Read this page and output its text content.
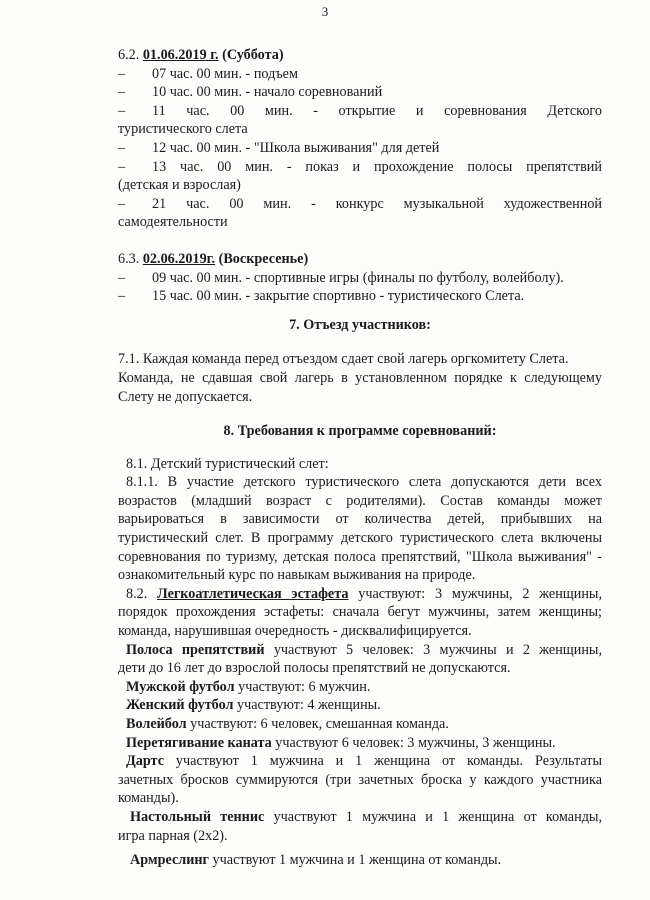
3
6.2. 01.06.2019 г. (Суббота)
–	07 час. 00 мин. - подъем
–	10 час. 00 мин. - начало соревнований
–	11 час. 00 мин. - открытие и соревнования Детского
туристического слета
–	12 час. 00 мин. - "Школа выживания" для детей
–	13 час. 00 мин. - показ и прохождение полосы препятствий
(детская и взрослая)
–	21 час. 00 мин. - конкурс музыкальной художественной
самодеятельности
6.3. 02.06.2019г. (Воскресенье)
–	09 час. 00 мин. - спортивные игры (финалы по футболу, волейболу).
–	15 час. 00 мин. - закрытие спортивно - туристического Слета.
7. Отъезд участников:
7.1. Каждая команда перед отъездом сдает свой лагерь оргкомитету Слета.
Команда, не сдавшая свой лагерь в установленном порядке к следующему
Слету не допускается.
8. Требования к программе соревнований:
8.1. Детский туристический слет:
8.1.1. В участие детского туристического слета допускаются дети всех
возрастов (младший возраст с родителями). Состав команды может
варьироваться в зависимости от количества детей, прибывших на
туристический слет. В программу детского туристического слета включены
соревнования по туризму, детская полоса препятствий, "Школа выживания" -
ознакомительный курс по навыкам выживания на природе.
8.2. Легкоатлетическая эстафета участвуют: 3 мужчины, 2 женщины,
порядок прохождения эстафеты: сначала бегут мужчины, затем женщины;
команда, нарушившая очередность - дисквалифицируется.
Полоса препятствий участвуют 5 человек: 3 мужчины и 2 женщины,
дети до 16 лет до взрослой полосы препятствий не допускаются.
Мужской футбол участвуют: 6 мужчин.
Женский футбол участвуют: 4 женщины.
Волейбол участвуют: 6 человек, смешанная команда.
Перетягивание каната участвуют 6 человек: 3 мужчины, 3 женщины.
Дартс участвуют 1 мужчина и 1 женщина от команды. Результаты
зачетных бросков суммируются (три зачетных броска у каждого участника
команды).
Настольный теннис участвуют 1 мужчина и 1 женщина от команды,
игра парная (2х2).
Армреслинг участвуют 1 мужчина и 1 женщина от команды.
